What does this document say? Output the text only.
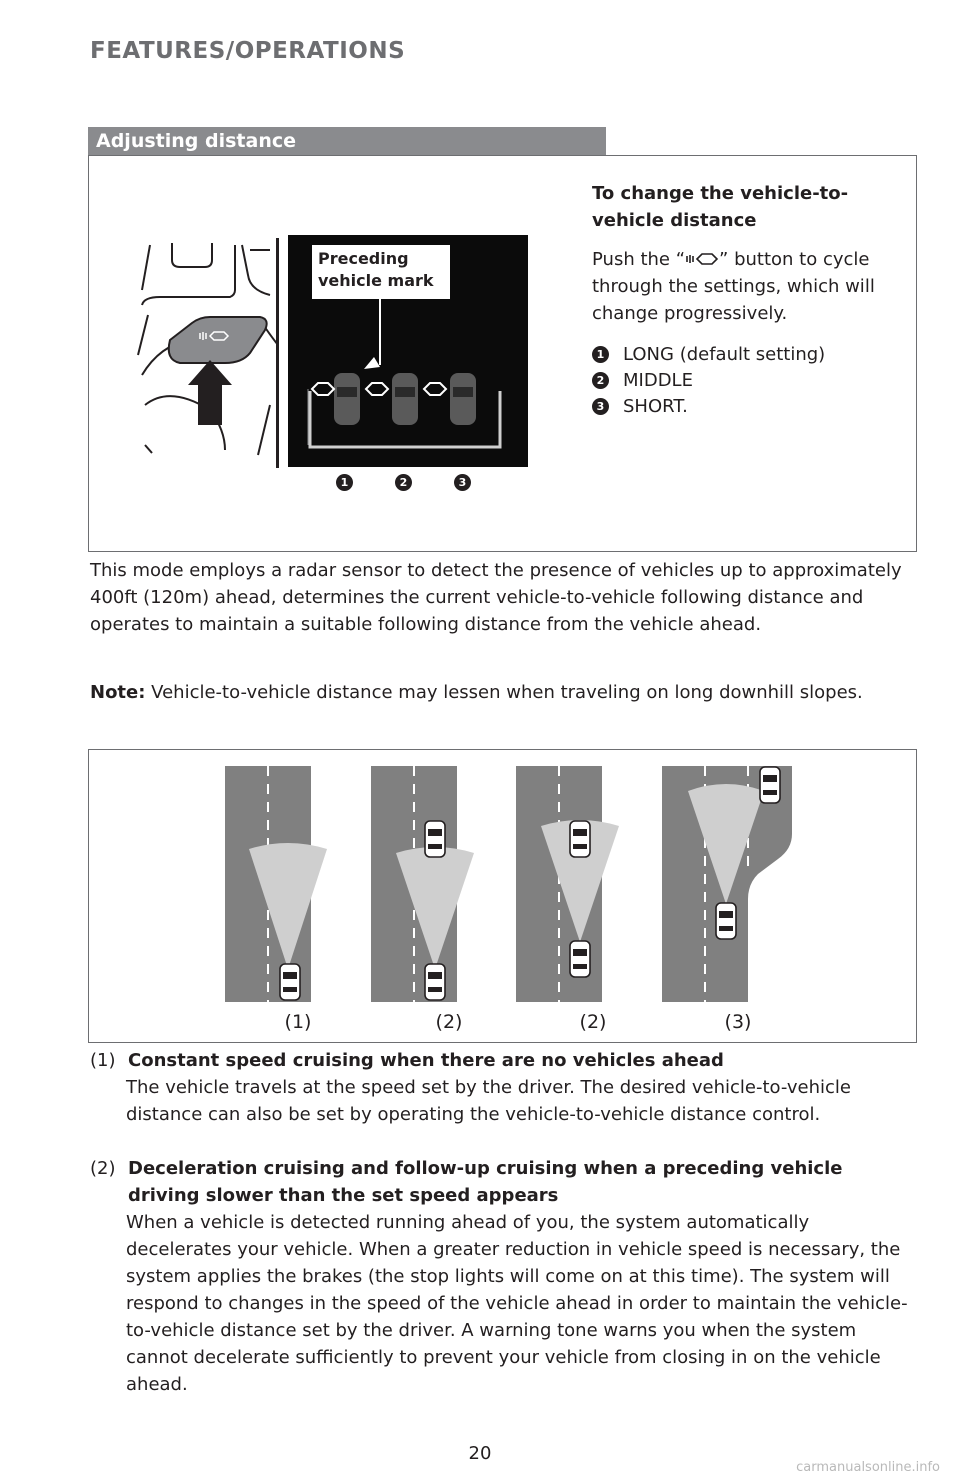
FEATURES/OPERATIONS
Adjusting distance
Preceding vehicle mark
1	2	3
To change the vehicle-to-vehicle distance

Push the “ ” button to cycle through the settings, which will change progressively.

1 LONG (default setting)
2 MIDDLE
3 SHORT.

This mode employs a radar sensor to detect the presence of vehicles up to approximately 400ft (120m) ahead, determines the current vehicle-to-vehicle following distance and operates to maintain a suitable following distance from the vehicle ahead.

Note: Vehicle-to-vehicle distance may lessen when traveling on long downhill slopes.

(1)	(2)	(2)	(3)
(1) Constant speed cruising when there are no vehicles ahead
The vehicle travels at the speed set by the driver. The desired vehicle-to-vehicle distance can also be set by operating the vehicle-to-vehicle distance control.
(2) Deceleration cruising and follow-up cruising when a preceding vehicle driving slower than the set speed appears
When a vehicle is detected running ahead of you, the system automatically decelerates your vehicle. When a greater reduction in vehicle speed is necessary, the system applies the brakes (the stop lights will come on at this time). The system will respond to changes in the speed of the vehicle ahead in order to maintain the vehicle-to-vehicle distance set by the driver. A warning tone warns you when the system cannot decelerate sufficiently to prevent your vehicle from closing in on the vehicle ahead.
20
carmanualsonline.info
